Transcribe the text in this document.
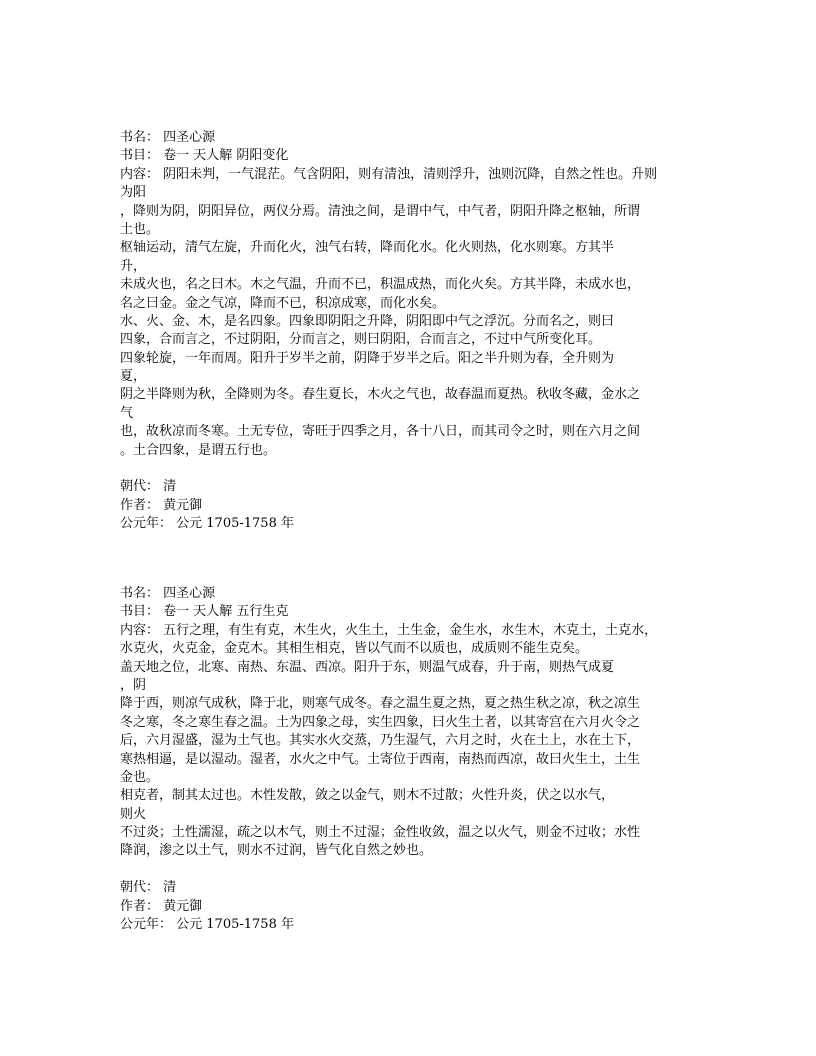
书名： 四圣心源
书目： 卷一 天人解 阴阳变化
内容： 阴阳未判，一气混茫。气含阴阳，则有清浊，清则浮升，浊则沉降，自然之性也。升则
为阳
，降则为阴，阴阳异位，两仪分焉。清浊之间，是谓中气，中气者，阴阳升降之枢轴，所谓
土也。
枢轴运动，清气左旋，升而化火，浊气右转，降而化水。化火则热，化水则寒。方其半
升，
未成火也，名之曰木。木之气温，升而不已，积温成热，而化火矣。方其半降，未成水也，
名之曰金。金之气凉，降而不已，积凉成寒，而化水矣。
水、火、金、木，是名四象。四象即阴阳之升降，阴阳即中气之浮沉。分而名之，则曰
四象，合而言之，不过阴阳，分而言之，则曰阴阳，合而言之，不过中气所变化耳。
四象轮旋，一年而周。阳升于岁半之前，阴降于岁半之后。阳之半升则为春，全升则为
夏，
阴之半降则为秋，全降则为冬。春生夏长，木火之气也，故春温而夏热。秋收冬藏，金水之
气
也，故秋凉而冬寒。土无专位，寄旺于四季之月，各十八日，而其司令之时，则在六月之间
。土合四象，是谓五行也。
朝代： 清
作者： 黄元御
公元年： 公元 1705-1758 年
书名： 四圣心源
书目： 卷一 天人解 五行生克
内容： 五行之理，有生有克，木生火，火生土，土生金，金生水，水生木，木克土，土克水，
水克火，火克金，金克木。其相生相克，皆以气而不以质也，成质则不能生克矣。
盖天地之位，北寒、南热、东温、西凉。阳升于东，则温气成春，升于南，则热气成夏
，阴
降于西，则凉气成秋，降于北，则寒气成冬。春之温生夏之热，夏之热生秋之凉，秋之凉生
冬之寒，冬之寒生春之温。土为四象之母，实生四象，曰火生土者，以其寄宫在六月火令之
后，六月湿盛，湿为土气也。其实水火交蒸，乃生湿气，六月之时，火在土上，水在土下，
寒热相逼，是以湿动。湿者，水火之中气。土寄位于西南，南热而西凉，故曰火生土，土生
金也。
相克者，制其太过也。木性发散，敛之以金气，则木不过散；火性升炎，伏之以水气，
则火
不过炎；土性濡湿，疏之以木气，则土不过湿；金性收敛，温之以火气，则金不过收；水性
降润，渗之以土气，则水不过润，皆气化自然之妙也。
朝代： 清
作者： 黄元御
公元年： 公元 1705-1758 年
